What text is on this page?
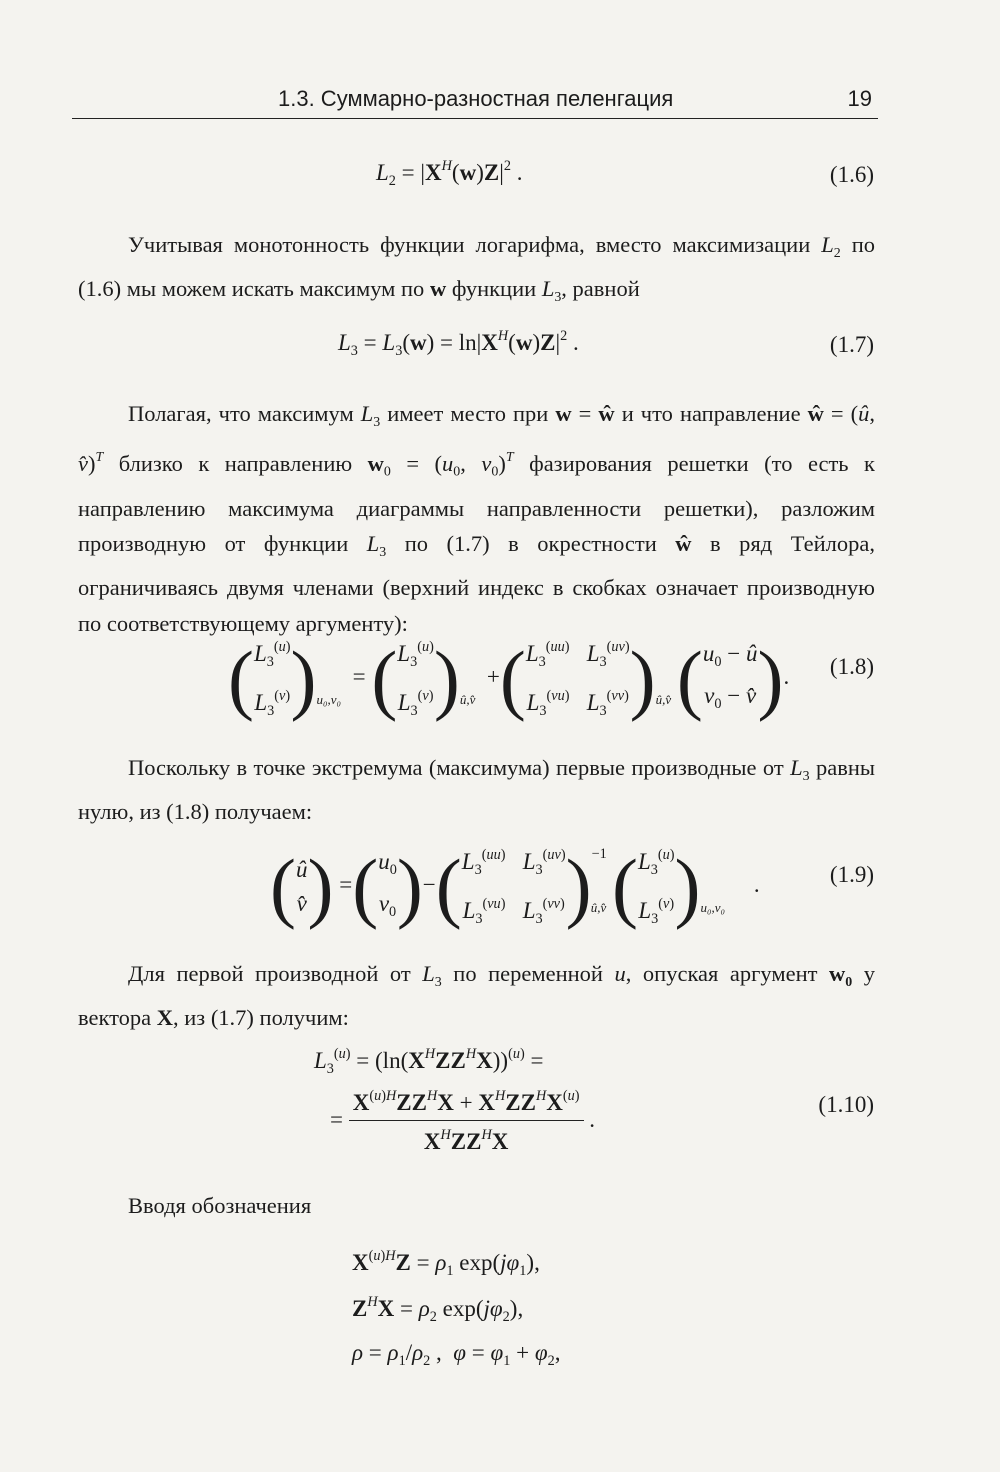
1.3. Суммарно-разностная пеленгация	19
$L_2 = |X^H(w)Z|^2$ .	(1.6)
Учитывая монотонность функции логарифма, вместо максимизации $L_2$ по (1.6) мы можем искать максимум по w функции $L_3$, равной
$L_3 = L_3(w) = \ln|X^H(w)Z|^2$ .	(1.7)
Полагая, что максимум $L_3$ имеет место при w = ŵ и что направление ŵ = (û, v̂)$^T$ близко к направлению $w_0 = (u_0$, $v_0)^T$ фазирования решетки (то есть к направлению максимума диаграммы направленности решетки), разложим производную от функции $L_3$ по (1.7) в окрестности ŵ в ряд Тейлора, ограничиваясь двумя членами (верхний индекс в скобках означает производную по соответствующему аргументу):
( $L_3^{(u)}$
$L_3^{(v)}$ )$_{u_0,v_0}$  = ( $L_3^{(u)}$
$L_3^{(v)}$ )$_{û,v̂}$  +( $L_3^{(uu)}$ $L_3^{(uv)}$
$L_3^{(vu)}$ $L_3^{(vv)}$ )$_{û,v̂}$ ( $u_0$ − û
$v_0$ − v̂ ). (1.8)
Поскольку в точке экстремума (максимума) первые производные от $L_3$ равны нулю, из (1.8) получаем:
( û
v̂ ) =( $u_0$
$v_0$ )−( $L_3^{(uu)}$ $L_3^{(uv)}$
$L_3^{(vu)}$ $L_3^{(vv)}$ )$^{-1}_{û,v̂}$ ( $L_3^{(u)}$
$L_3^{(v)}$ )$_{u_0,v_0}$     .	(1.9)
Для первой производной от $L_3$ по переменной u, опуская аргумент $w_0$ у вектора X, из (1.7) получим:
$L_3^{(u)} = (\ln(X^HZZ^HX))^{(u)}$ =
= $\frac{X^{(u)H}ZZ^HX + X^HZZ^HX^{(u)}}{X^HZZ^HX}$ .
(1.10)
Вводя обозначения
$X^{(u)H}Z = \rho_1$ $\exp(j\varphi_1)$,
$Z^HX = \rho_2$ $\exp(j\varphi_2)$,
$\rho = \rho_1/\rho_2$ ,  $\varphi = \varphi_1 + \varphi_2$,
